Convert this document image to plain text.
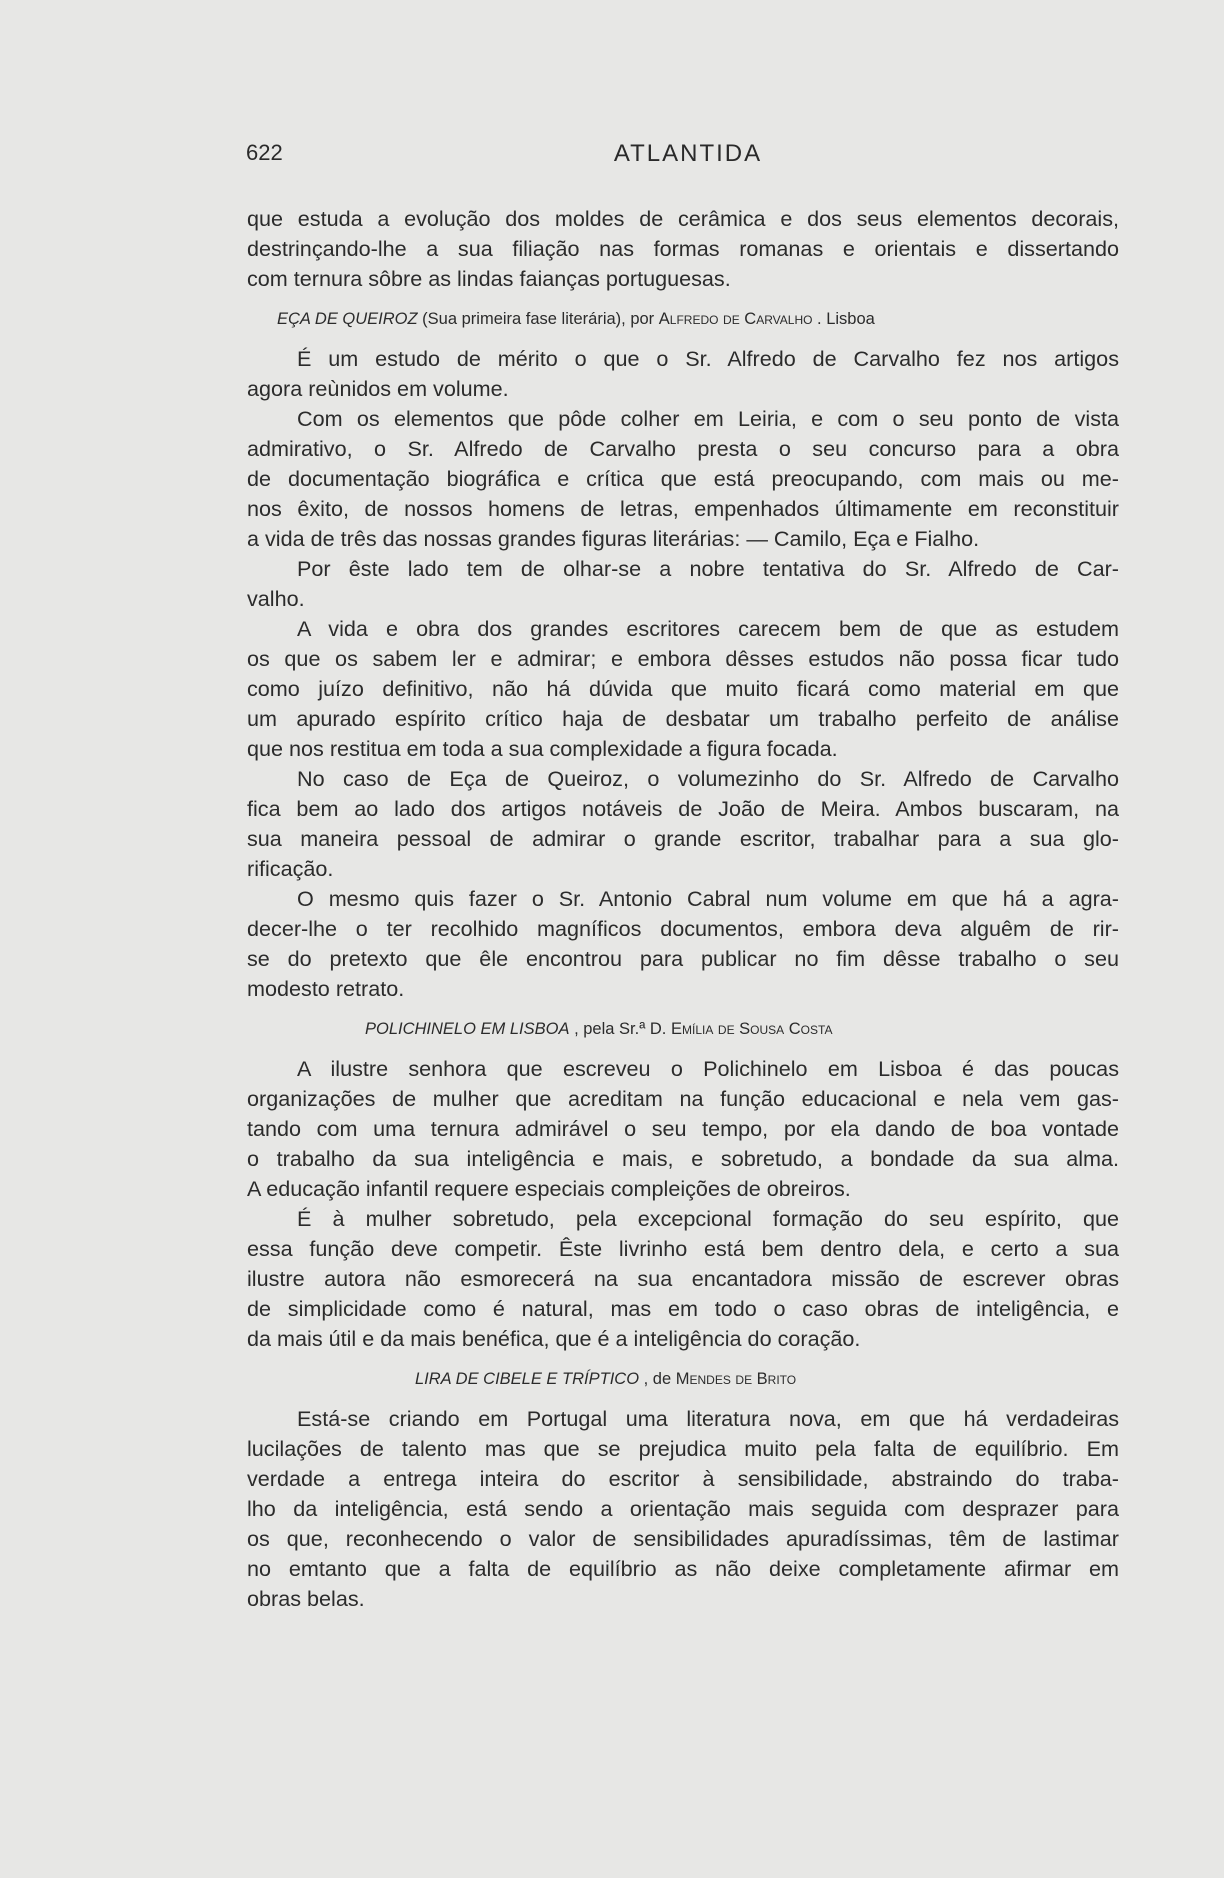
622	ATLANTIDA
que estuda a evolução dos moldes de cerâmica e dos seus elementos decorais,
destrinçando-lhe a sua filiação nas formas romanas e orientais e dissertando
com ternura sôbre as lindas faianças portuguesas.
EÇA DE QUEIROZ (Sua primeira fase literária), por Alfredo de Carvalho . Lisboa
É um estudo de mérito o que o Sr. Alfredo de Carvalho fez nos artigos
agora reùnidos em volume.
Com os elementos que pôde colher em Leiria, e com o seu ponto de vista
admirativo, o Sr. Alfredo de Carvalho presta o seu concurso para a obra
de documentação biográfica e crítica que está preocupando, com mais ou me-
nos êxito, de nossos homens de letras, empenhados últimamente em reconstituir
a vida de três das nossas grandes figuras literárias: — Camilo, Eça e Fialho.
Por êste lado tem de olhar-se a nobre tentativa do Sr. Alfredo de Car-
valho.
A vida e obra dos grandes escritores carecem bem de que as estudem
os que os sabem ler e admirar; e embora dêsses estudos não possa ficar tudo
como juízo definitivo, não há dúvida que muito ficará como material em que
um apurado espírito crítico haja de desbatar um trabalho perfeito de análise
que nos restitua em toda a sua complexidade a figura focada.
No caso de Eça de Queiroz, o volumezinho do Sr. Alfredo de Carvalho
fica bem ao lado dos artigos notáveis de João de Meira. Ambos buscaram, na
sua maneira pessoal de admirar o grande escritor, trabalhar para a sua glo-
rificação.
O mesmo quis fazer o Sr. Antonio Cabral num volume em que há a agra-
decer-lhe o ter recolhido magníficos documentos, embora deva alguêm de rir-
se do pretexto que êle encontrou para publicar no fim dêsse trabalho o seu
modesto retrato.
POLICHINELO EM LISBOA , pela Sr.ª D. Emília de Sousa Costa
A ilustre senhora que escreveu o Polichinelo em Lisboa é das poucas
organizações de mulher que acreditam na função educacional e nela vem gas-
tando com uma ternura admirável o seu tempo, por ela dando de boa vontade
o trabalho da sua inteligência e mais, e sobretudo, a bondade da sua alma.
A educação infantil requere especiais compleições de obreiros.
É à mulher sobretudo, pela excepcional formação do seu espírito, que
essa função deve competir. Êste livrinho está bem dentro dela, e certo a sua
ilustre autora não esmorecerá na sua encantadora missão de escrever obras
de simplicidade como é natural, mas em todo o caso obras de inteligência, e
da mais útil e da mais benéfica, que é a inteligência do coração.
LIRA DE CIBELE E TRÍPTICO , de Mendes de Brito
Está-se criando em Portugal uma literatura nova, em que há verdadeiras
lucilações de talento mas que se prejudica muito pela falta de equilíbrio. Em
verdade a entrega inteira do escritor à sensibilidade, abstraindo do traba-
lho da inteligência, está sendo a orientação mais seguida com desprazer para
os que, reconhecendo o valor de sensibilidades apuradíssimas, têm de lastimar
no emtanto que a falta de equilíbrio as não deixe completamente afirmar em
obras belas.
